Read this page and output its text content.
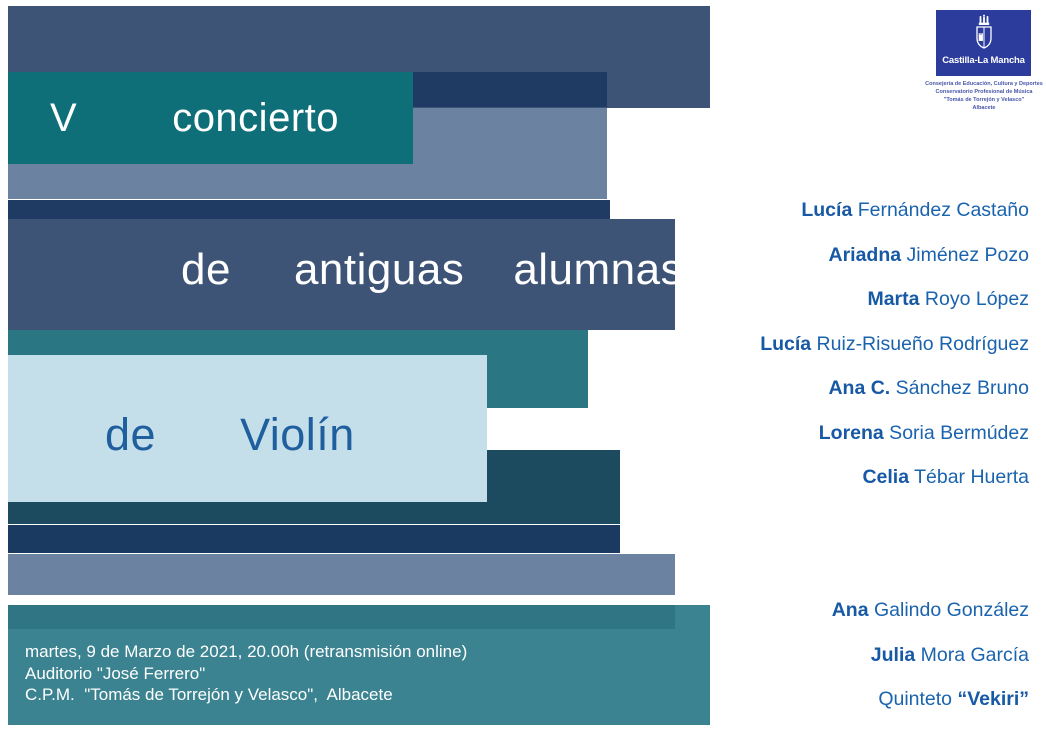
V concierto
de antiguas alumnas
de Violín
martes, 9 de Marzo de 2021, 20.00h (retransmisión online)
Auditorio "José Ferrero"
C.P.M.  "Tomás de Torrejón y Velasco",  Albacete
Lucía Fernández Castaño
Ariadna Jiménez Pozo
Marta Royo López
Lucía Ruiz-Risueño Rodríguez
Ana C. Sánchez Bruno
Lorena Soria Bermúdez
Celia Tébar Huerta
Ana Galindo González
Julia Mora García
Quinteto “Vekiri”
Castilla-La Mancha
Consejería de Educación, Cultura y Deportes
Conservatorio Profesional de Música
"Tomás de Torrejón y Velasco"
Albacete
